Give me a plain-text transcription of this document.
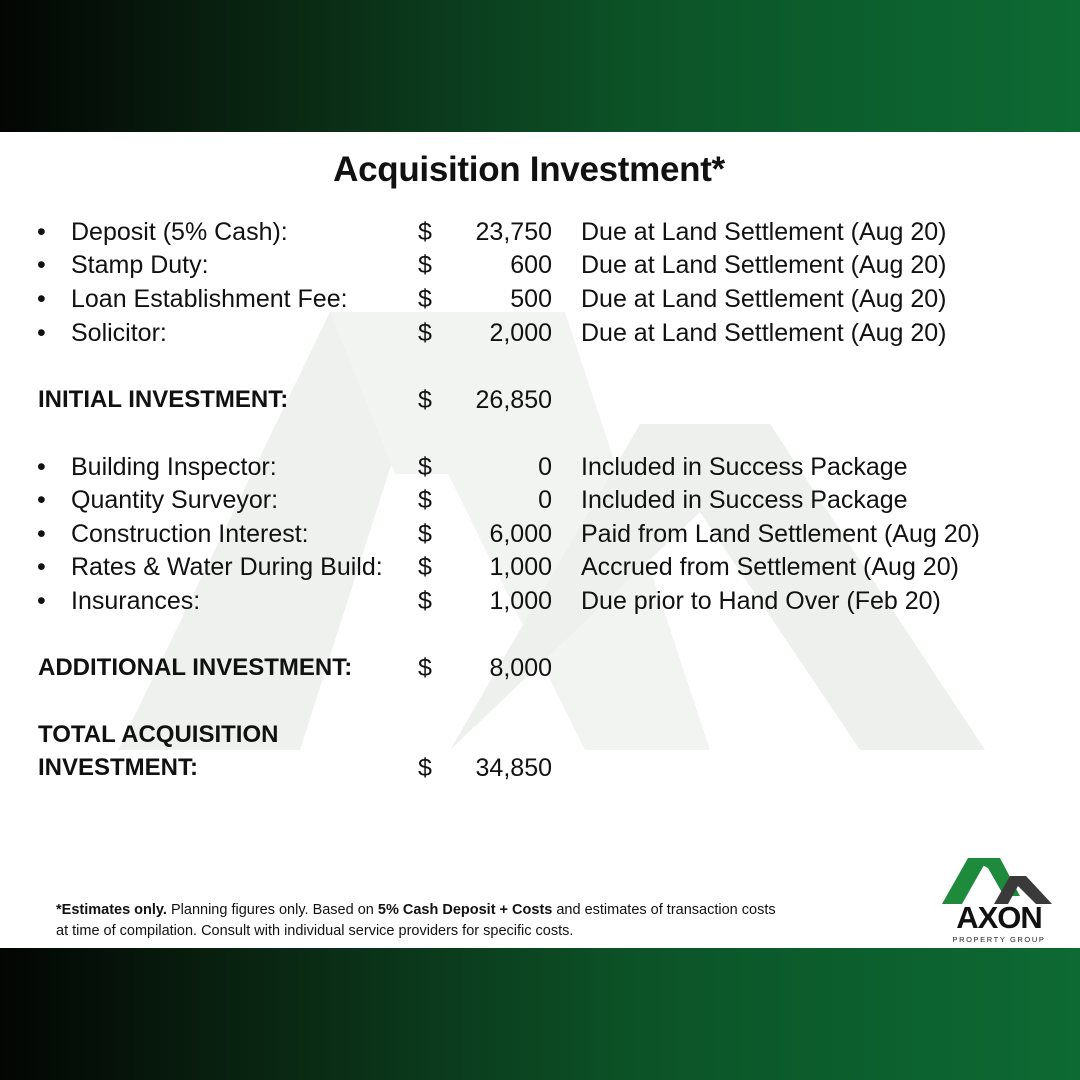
Acquisition Investment*
• Deposit (5% Cash):	$	23,750 Due at Land Settlement (Aug 20)
• Stamp Duty:	$	600 Due at Land Settlement (Aug 20)
• Loan Establishment Fee:	$	500 Due at Land Settlement (Aug 20)
• Solicitor:	$	2,000 Due at Land Settlement (Aug 20)
INITIAL INVESTMENT:	$	26,850
• Building Inspector:	$	0 Included in Success Package
• Quantity Surveyor:	$	0 Included in Success Package
• Construction Interest:	$	6,000 Paid from Land Settlement (Aug 20)
• Rates & Water During Build: $	1,000 Accrued from Settlement (Aug 20)
• Insurances:	$	1,000 Due prior to Hand Over (Feb 20)
ADDITIONAL INVESTMENT:	$	8,000
TOTAL ACQUISITION
INVESTMENT:	$	34,850
*Estimates only. Planning figures only. Based on 5% Cash Deposit + Costs and estimates of transaction costs
at time of compilation. Consult with individual service providers for specific costs.	AXON
PROPERTY GROUP
